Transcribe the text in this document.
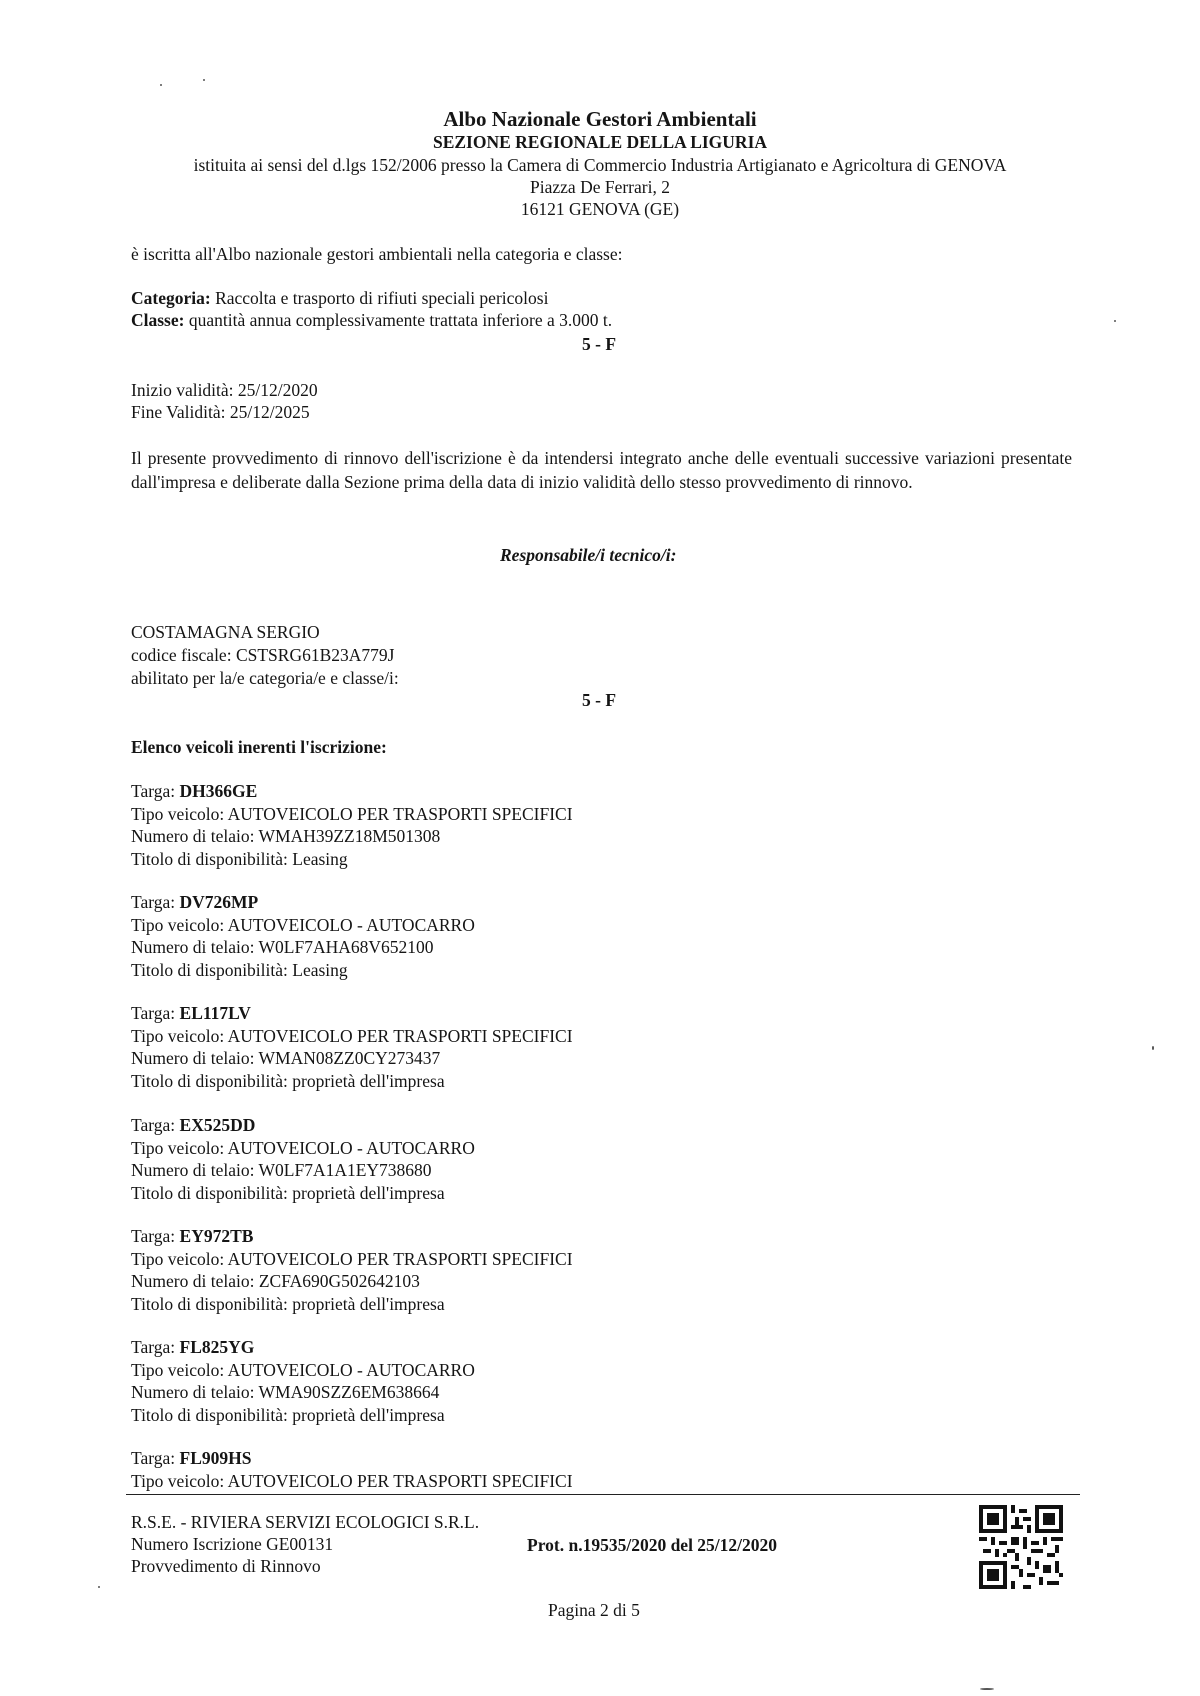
Albo Nazionale Gestori Ambientali
SEZIONE REGIONALE DELLA LIGURIA
istituita ai sensi del d.lgs 152/2006 presso la Camera di Commercio Industria Artigianato e Agricoltura di GENOVA
Piazza De Ferrari, 2
16121 GENOVA (GE)
è iscritta all'Albo nazionale gestori ambientali nella categoria e classe:
Categoria: Raccolta e trasporto di rifiuti speciali pericolosi
Classe: quantità annua complessivamente trattata inferiore a 3.000 t.
5 - F
Inizio validità: 25/12/2020
Fine Validità: 25/12/2025
Il presente provvedimento di rinnovo dell'iscrizione è da intendersi integrato anche delle eventuali successive variazioni presentate dall'impresa e deliberate dalla Sezione prima della data di inizio validità dello stesso provvedimento di rinnovo.
Responsabile/i tecnico/i:
COSTAMAGNA SERGIO
codice fiscale: CSTSRG61B23A779J
abilitato per la/e categoria/e e classe/i:
5 - F
Elenco veicoli inerenti l'iscrizione:
Targa: DH366GE
Tipo veicolo: AUTOVEICOLO PER TRASPORTI SPECIFICI
Numero di telaio: WMAH39ZZ18M501308
Titolo di disponibilità: Leasing
Targa: DV726MP
Tipo veicolo: AUTOVEICOLO - AUTOCARRO
Numero di telaio: W0LF7AHA68V652100
Titolo di disponibilità: Leasing
Targa: EL117LV
Tipo veicolo: AUTOVEICOLO PER TRASPORTI SPECIFICI
Numero di telaio: WMAN08ZZ0CY273437
Titolo di disponibilità: proprietà dell'impresa
Targa: EX525DD
Tipo veicolo: AUTOVEICOLO - AUTOCARRO
Numero di telaio: W0LF7A1A1EY738680
Titolo di disponibilità: proprietà dell'impresa
Targa: EY972TB
Tipo veicolo: AUTOVEICOLO PER TRASPORTI SPECIFICI
Numero di telaio: ZCFA690G502642103
Titolo di disponibilità: proprietà dell'impresa
Targa: FL825YG
Tipo veicolo: AUTOVEICOLO - AUTOCARRO
Numero di telaio: WMA90SZZ6EM638664
Titolo di disponibilità: proprietà dell'impresa
Targa: FL909HS
Tipo veicolo: AUTOVEICOLO PER TRASPORTI SPECIFICI
R.S.E. - RIVIERA SERVIZI ECOLOGICI S.R.L.
Numero Iscrizione GE00131
Provvedimento di Rinnovo
Prot. n.19535/2020 del 25/12/2020
Pagina 2 di 5
